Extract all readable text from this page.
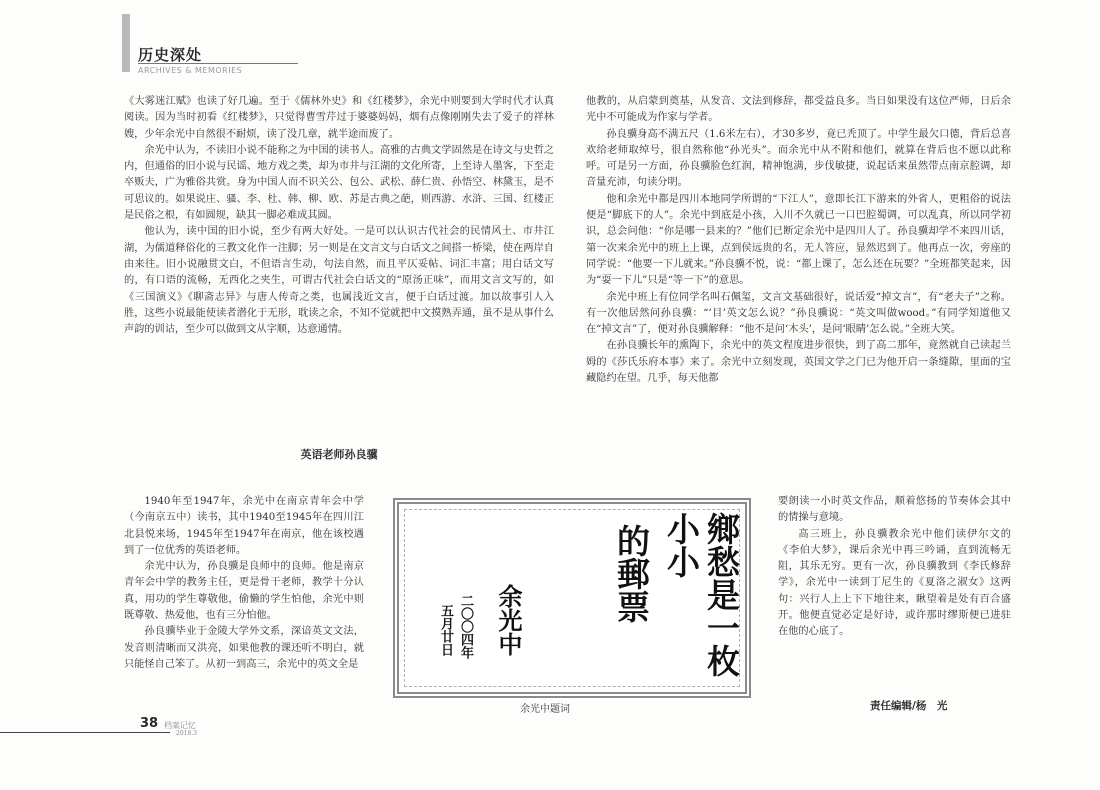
历史深处
ARCHIVES & MEMORIES

《大雾迷江赋》也读了好几遍。至于《儒林外史》和《红楼梦》，余光中则要到大学时代才认真阅读。因为当时初看《红楼梦》，只觉得曹雪芹过于婆婆妈妈，烟有点像刚刚失去了爱子的祥林嫂，少年余光中自然很不耐烦，读了没几章，就半途而废了。

余光中认为，不读旧小说不能称之为中国的读书人。高雅的古典文学固然是在诗文与史哲之内，但通俗的旧小说与民谣、地方戏之类，却为市井与江湖的文化所寄，上至诗人墨客，下至走卒贩夫，广为雅俗共赏。身为中国人而不识关公、包公、武松、薛仁贵、孙悟空、林黛玉，是不可思议的。如果说庄、骚、李、杜、韩、柳、欧、苏是古典之葩，则西游、水浒、三国、红楼正是民俗之根，有如圆规，缺其一脚必难成其圆。

他认为，读中国的旧小说，至少有两大好处。一是可以认识古代社会的民情风土、市井江湖，为儒道释俗化的三教文化作一注脚；另一则是在文言文与白话文之间搭一桥梁，使在两岸自由来往。旧小说融贯文白，不但语言生动，句法自然，而且平仄妥帖、词汇丰富；用白话文写的，有口语的流畅，无西化之夹生，可谓古代社会白话文的“原汤正味”，而用文言文写的，如《三国演义》《聊斋志异》与唐人传奇之类，也属浅近文言，便于白话过渡。加以故事引人入胜，这些小说最能使读者潜化于无形，耽读之余，不知不觉就把中文摸熟弄通，虽不是从事什么声韵的训诂，至少可以做到文从字顺，达意通情。

英语老师孙良骥

1940年至1947年，余光中在南京青年会中学（今南京五中）读书，其中1940至1945年在四川江北县悦来场，1945年至1947年在南京，他在该校遇到了一位优秀的英语老师。

余光中认为，孙良骥是良师中的良师。他是南京青年会中学的教务主任，更是骨干老师，教学十分认真，用功的学生尊敬他，偷懒的学生怕他，余光中则既尊敬、热爱他，也有三分怕他。

孙良骥毕业于金陵大学外文系，深谙英文文法，发音则清晰而又洪亮，如果他教的课还听不明白，就只能怪自己笨了。从初一到高三，余光中的英文全是

他教的，从启蒙到奠基，从发音、文法到修辞，都受益良多。当日如果没有这位严师，日后余光中不可能成为作家与学者。

孙良骥身高不满五尺（1.6米左右），才30多岁，竟已秃顶了。中学生最欠口德，背后总喜欢给老师取绰号，很自然称他“孙光头”。而余光中从不附和他们，就算在背后也不愿以此称呼。可是另一方面，孙良骥脸色红润，精神饱满，步伐敏捷，说起话来虽然带点南京腔调，却音量充沛，句读分明。

他和余光中都是四川本地同学所谓的“下江人”，意即长江下游来的外省人，更粗俗的说法便是“脚底下的人”。余光中到底是小孩，入川不久就已一口巴腔蜀调，可以乱真，所以同学初识，总会问他：“你是哪一县来的？”他们已断定余光中是四川人了。孙良骥却学不来四川话，第一次来余光中的班上上课，点到侯远贵的名，无人答应，显然迟到了。他再点一次，旁座的同学说：“他要一下儿就来。”孙良骥不悦，说：“都上课了，怎么还在玩要？”全班都笑起来，因为“耍一下儿”只是“等一下”的意思。

余光中班上有位同学名叫石佩玺，文言文基础很好，说话爱“掉文言”，有“老夫子”之称。有一次他居然问孙良骥：“‘目’英文怎么说？”孙良骥说：“英文叫做wood。”有同学知道他又在“掉文言”了，便对孙良骥解释：“他不是问‘木头’，是问‘眼睛’怎么说。”全班大笑。

在孙良骥长年的熏陶下，余光中的英文程度进步很快，到了高二那年，竟然就自己读起兰姆的《莎氏乐府本事》来了。余光中立刻发现，英国文学之门已为他开启一条缝隙，里面的宝藏隐约在望。几乎，每天他都

要朗读一小时英文作品，顺着悠扬的节奏体会其中的情操与意境。

高三班上，孙良骥教余光中他们读伊尔文的《李伯大梦》，课后余光中再三吟诵，直到流畅无阻，其乐无穷。更有一次，孙良骥教到《李氏修辞学》，余光中一读到丁尼生的《夏洛之淑女》这两句：兴行人上上下下地往来，瞅望着是处有百合盛开。他便直觉必定是好诗，或许那时缪斯便已进驻在他的心底了。

鄉愁是一枚小小
的郵票
余光中
二〇〇四年
五月廿日
余光中题词	责任编辑/杨　光
38 档案记忆
2018.3
